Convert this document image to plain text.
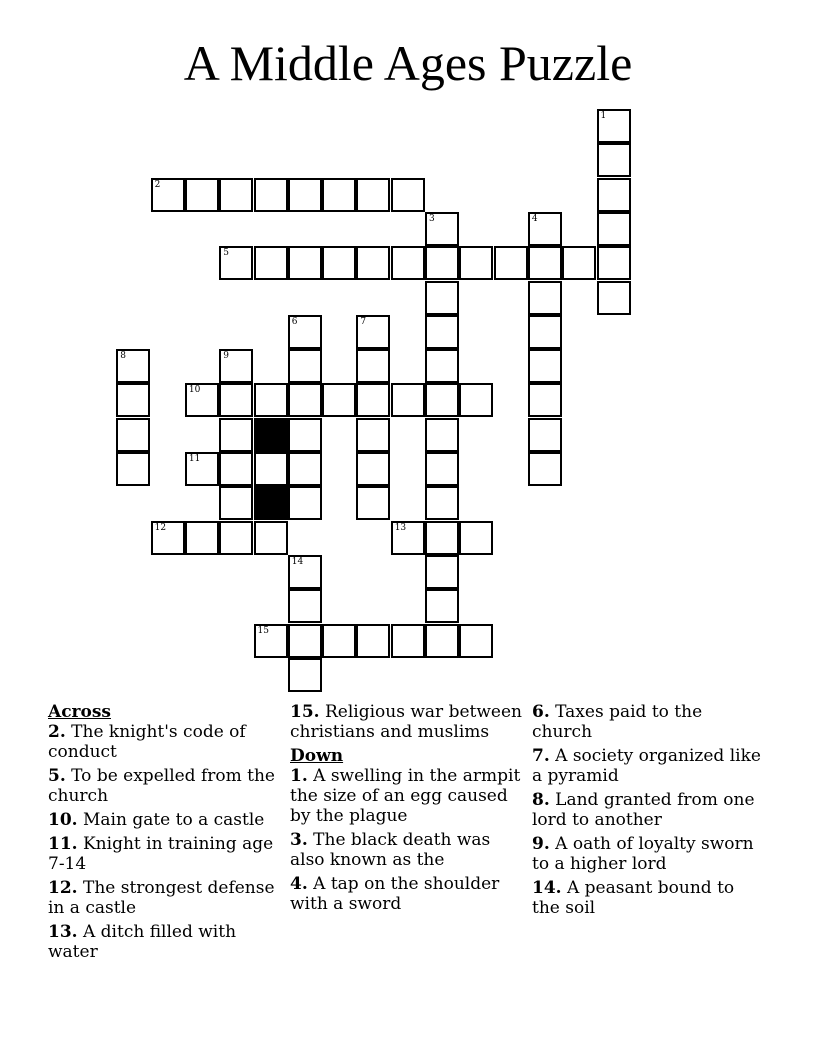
A Middle Ages Puzzle
1
2
3	4
5
6	7
8	9
10
11
12	13
14
15
Across
2. The knight's code of conduct
5. To be expelled from the church
10. Main gate to a castle
11. Knight in training age 7-14
12. The strongest defense in a castle
13. A ditch filled with water
15. Religious war between christians and muslims
Down
1. A swelling in the armpit the size of an egg caused by the plague
3. The black death was also known as the
4. A tap on the shoulder with a sword
6. Taxes paid to the church
7. A society organized like a pyramid
8. Land granted from one lord to another
9. A oath of loyalty sworn to a higher lord
14. A peasant bound to the soil
